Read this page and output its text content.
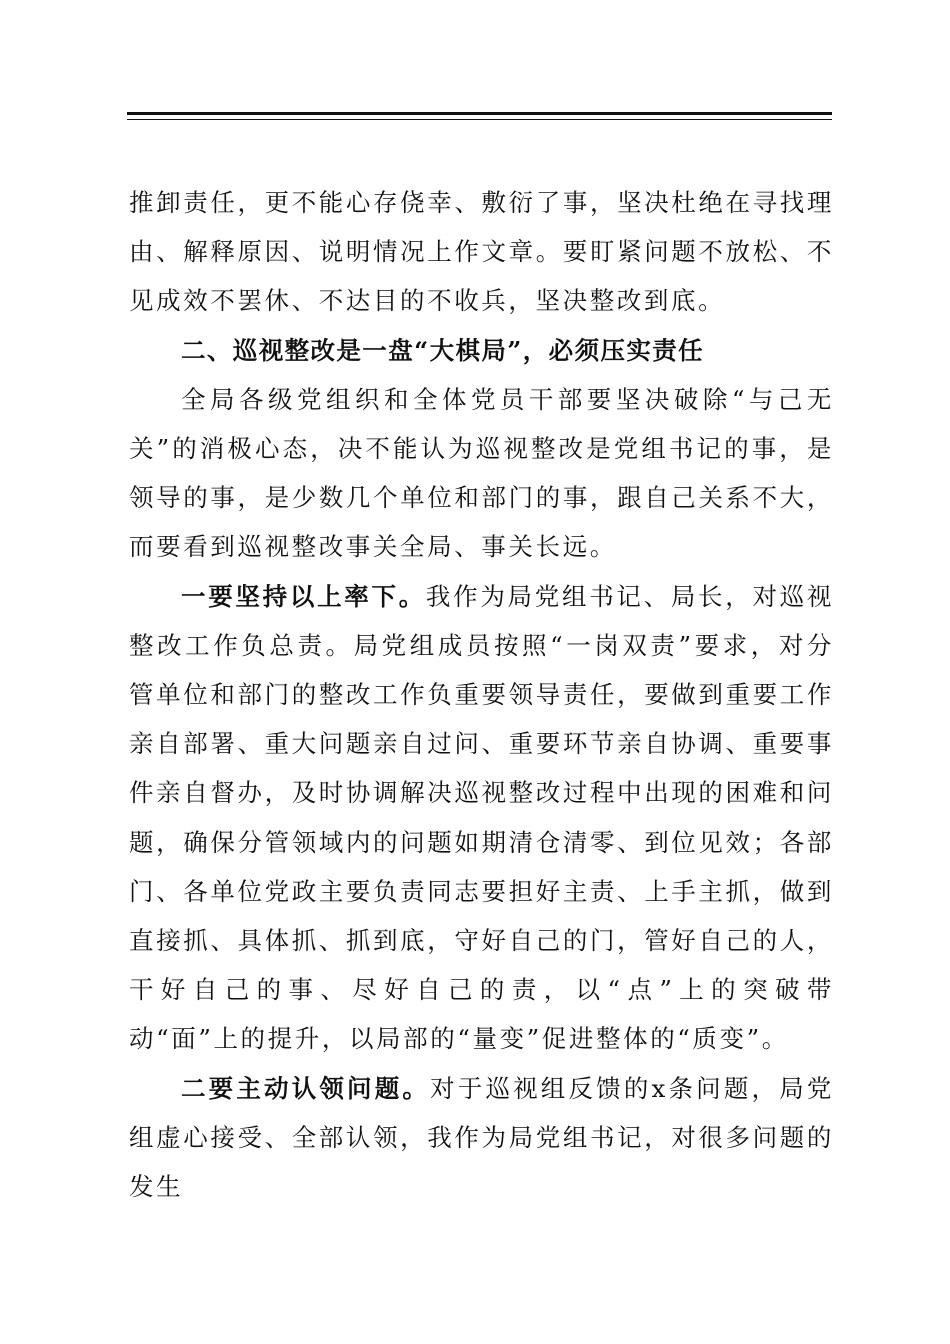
推卸责任，更不能心存侥幸、敷衍了事，坚决杜绝在寻找理由、解释原因、说明情况上作文章。要盯紧问题不放松、不见成效不罢休、不达目的不收兵，坚决整改到底。

二、巡视整改是一盘“大棋局”，必须压实责任

全局各级党组织和全体党员干部要坚决破除“与己无关”的消极心态，决不能认为巡视整改是党组书记的事，是领导的事，是少数几个单位和部门的事，跟自己关系不大，而要看到巡视整改事关全局、事关长远。

一要坚持以上率下。我作为局党组书记、局长，对巡视整改工作负总责。局党组成员按照“一岗双责”要求，对分管单位和部门的整改工作负重要领导责任，要做到重要工作亲自部署、重大问题亲自过问、重要环节亲自协调、重要事件亲自督办，及时协调解决巡视整改过程中出现的困难和问题，确保分管领域内的问题如期清仓清零、到位见效；各部门、各单位党政主要负责同志要担好主责、上手主抓，做到直接抓、具体抓、抓到底，守好自己的门，管好自己的人，干好自己的事、尽好自己的责，以“点”上的突破带动“面”上的提升，以局部的“量变”促进整体的“质变”。

二要主动认领问题。对于巡视组反馈的x条问题，局党组虚心接受、全部认领，我作为局党组书记，对很多问题的发生
